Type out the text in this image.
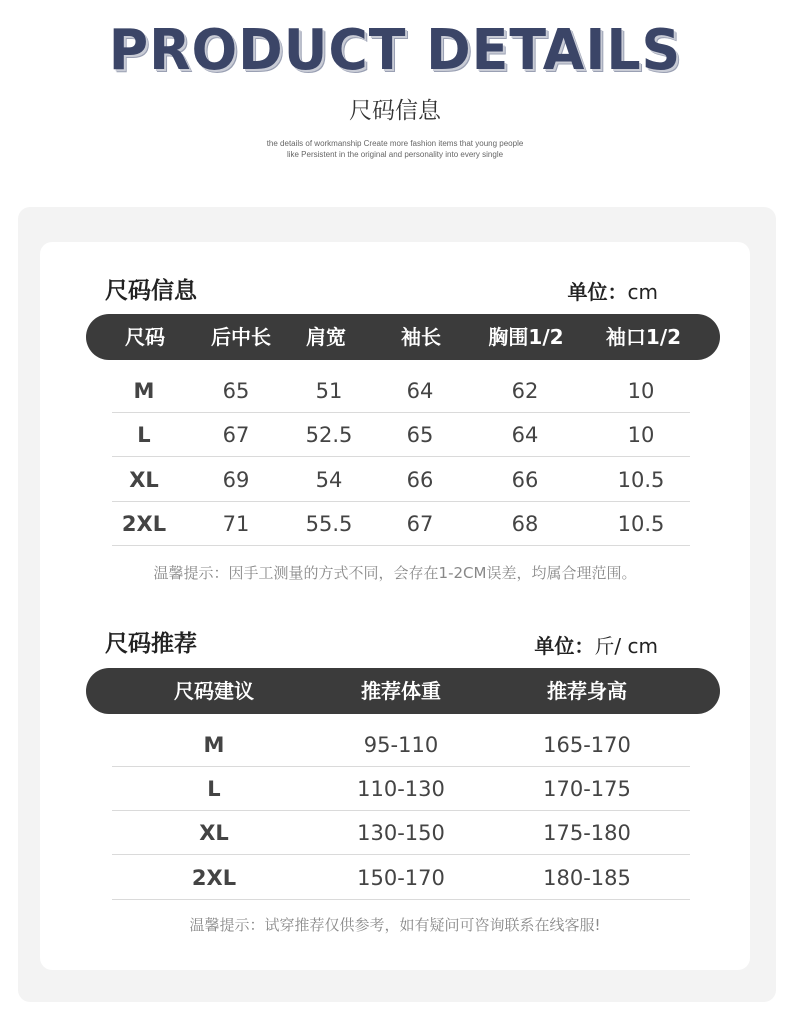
PRODUCT DETAILS
尺码信息
the details of workmanship Create more fashion items that young people
like Persistent in the original and personality into every single
尺码信息	单位：cm
尺码	后中长	肩宽	袖长	胸围1/2	袖口1/2
M	65	51	64	62	10
L	67	52.5	65	64	10
XL	69	54	66	66	10.5
2XL	71	55.5	67	68	10.5
温馨提示：因手工测量的方式不同，会存在1-2CM误差，均属合理范围。
尺码推荐	单位：斤/ cm
尺码建议	推荐体重	推荐身高
M	95-110	165-170
L	110-130	170-175
XL	130-150	175-180
2XL	150-170	180-185
温馨提示：试穿推荐仅供参考，如有疑问可咨询联系在线客服!
